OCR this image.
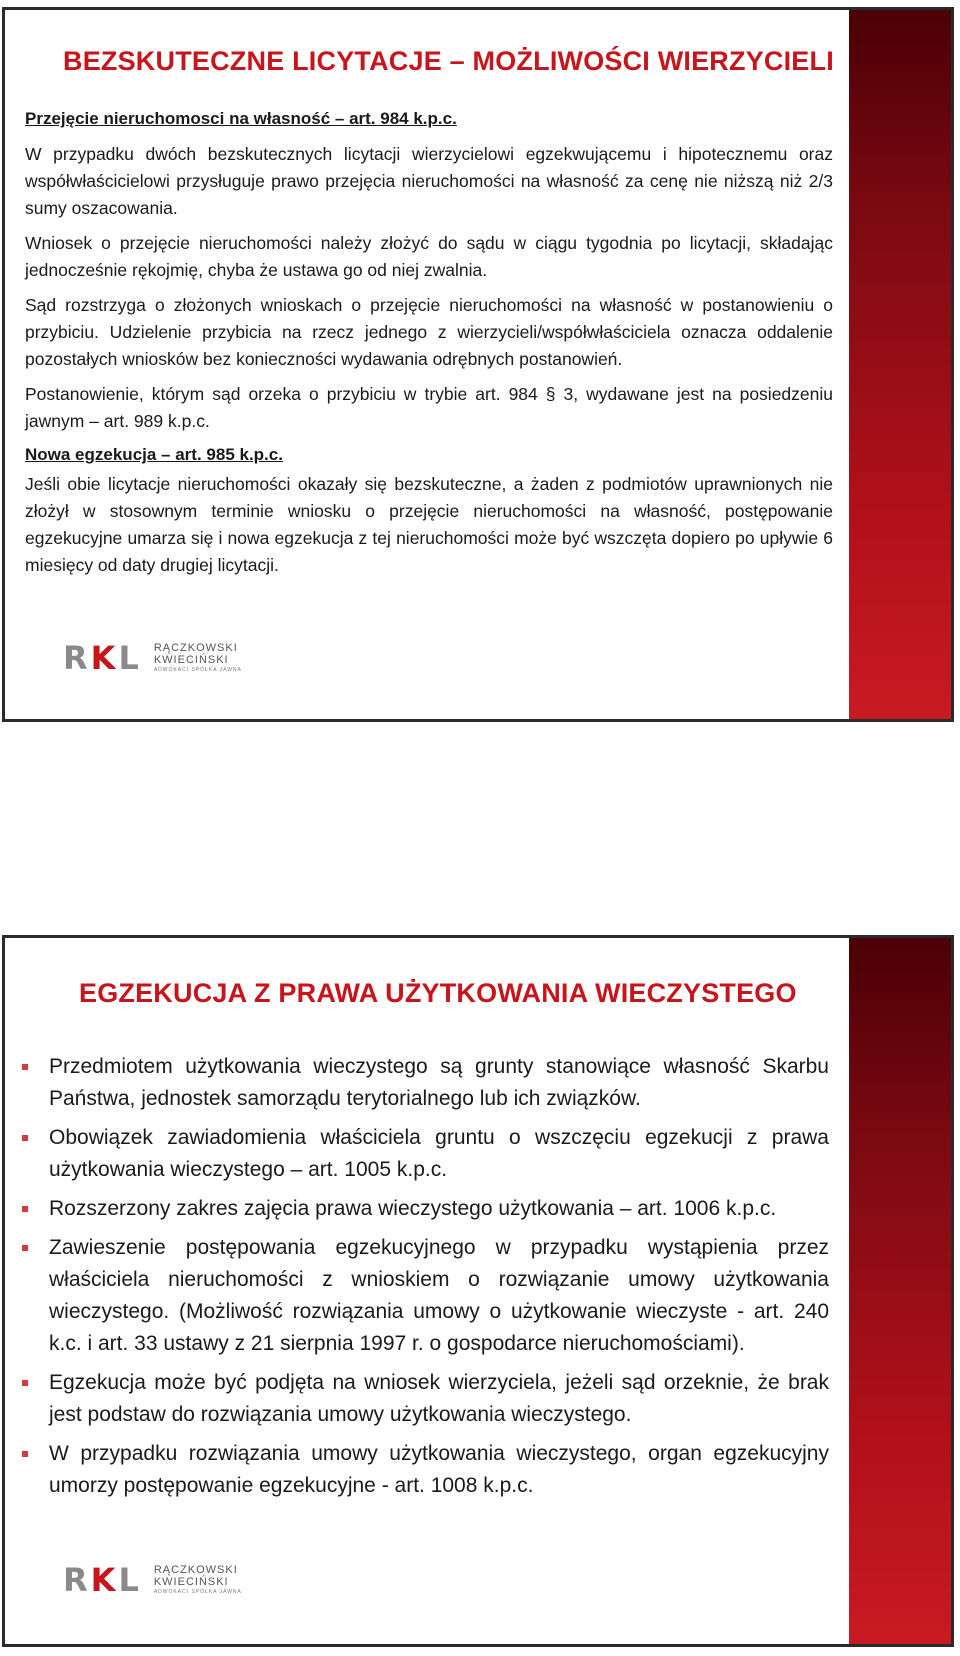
BEZSKUTECZNE LICYTACJE – MOŻLIWOŚCI WIERZYCIELI

Przejęcie nieruchomosci na własność – art. 984 k.p.c.

W przypadku dwóch bezskutecznych licytacji wierzycielowi egzekwującemu i hipotecznemu oraz współwłaścicielowi przysługuje prawo przejęcia nieruchomości na własność za cenę nie niższą niż 2/3 sumy oszacowania.

Wniosek o przejęcie nieruchomości należy złożyć do sądu w ciągu tygodnia po licytacji, składając jednocześnie rękojmię, chyba że ustawa go od niej zwalnia.

Sąd rozstrzyga o złożonych wnioskach o przejęcie nieruchomości na własność w postanowieniu o przybiciu. Udzielenie przybicia na rzecz jednego z wierzycieli/współwłaściciela oznacza oddalenie pozostałych wniosków bez konieczności wydawania odrębnych postanowień.

Postanowienie, którym sąd orzeka o przybiciu w trybie art. 984 § 3, wydawane jest na posiedzeniu jawnym – art. 989 k.p.c.

Nowa egzekucja – art. 985 k.p.c.

Jeśli obie licytacje nieruchomości okazały się bezskuteczne, a żaden z podmiotów uprawnionych nie złożył w stosownym terminie wniosku o przejęcie nieruchomości na własność, postępowanie egzekucyjne umarza się i nowa egzekucja z tej nieruchomości może być wszczęta dopiero po upływie 6 miesięcy od daty drugiej licytacji.

RKL RĄCZKOWSKI
KWIECIŃSKI
ADWOKACI SPÓŁKA JAWNA
EGZEKUCJA Z PRAWA UŻYTKOWANIA WIECZYSTEGO
Przedmiotem użytkowania wieczystego są grunty stanowiące własność Skarbu Państwa, jednostek samorządu terytorialnego lub ich związków.
Obowiązek zawiadomienia właściciela gruntu o wszczęciu egzekucji z prawa użytkowania wieczystego – art. 1005 k.p.c.
Rozszerzony zakres zajęcia prawa wieczystego użytkowania – art. 1006 k.p.c.
Zawieszenie postępowania egzekucyjnego w przypadku wystąpienia przez właściciela nieruchomości z wnioskiem o rozwiązanie umowy użytkowania wieczystego. (Możliwość rozwiązania umowy o użytkowanie wieczyste - art. 240 k.c. i art. 33 ustawy z 21 sierpnia 1997 r. o gospodarce nieruchomościami).
Egzekucja może być podjęta na wniosek wierzyciela, jeżeli sąd orzeknie, że brak jest podstaw do rozwiązania umowy użytkowania wieczystego.
W przypadku rozwiązania umowy użytkowania wieczystego, organ egzekucyjny umorzy postępowanie egzekucyjne - art. 1008 k.p.c.
RKL RĄCZKOWSKI
KWIECIŃSKI
ADWOKACI SPÓŁKA JAWNA
